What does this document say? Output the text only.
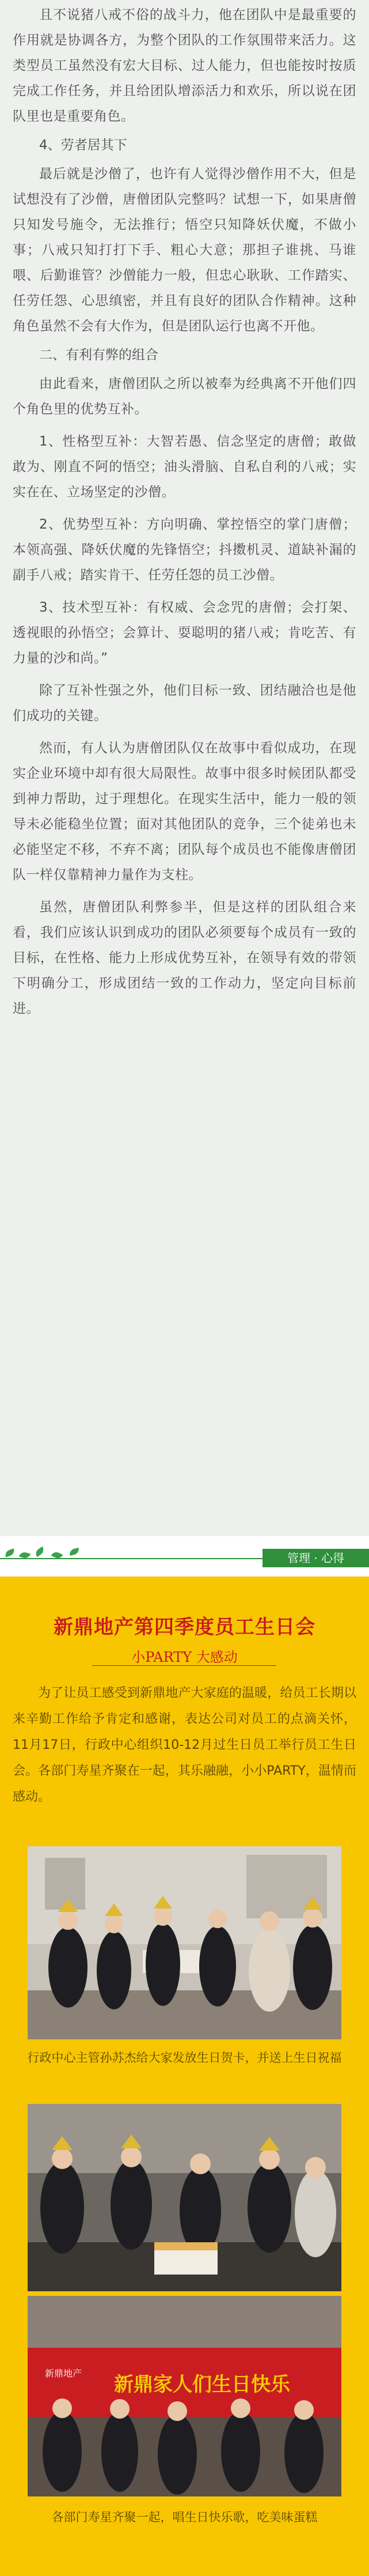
且不说猪八戒不俗的战斗力，他在团队中是最重要的作用就是协调各方，为整个团队的工作氛围带来活力。这类型员工虽然没有宏大目标、过人能力，但也能按时按质完成工作任务，并且给团队增添活力和欢乐，所以说在团队里也是重要角色。

4、劳者居其下

最后就是沙僧了，也许有人觉得沙僧作用不大，但是试想没有了沙僧，唐僧团队完整吗？试想一下，如果唐僧只知发号施令，无法推行；悟空只知降妖伏魔，不做小事；八戒只知打打下手、粗心大意；那担子谁挑、马谁喂、后勤谁管？沙僧能力一般，但忠心耿耿、工作踏实、任劳任怨、心思缜密，并且有良好的团队合作精神。这种角色虽然不会有大作为，但是团队运行也离不开他。

二、有利有弊的组合

由此看来，唐僧团队之所以被奉为经典离不开他们四个角色里的优势互补。

1、性格型互补：大智若愚、信念坚定的唐僧；敢做敢为、刚直不阿的悟空；油头滑脑、自私自利的八戒；实实在在、立场坚定的沙僧。

2、优势型互补：方向明确、掌控悟空的掌门唐僧；本领高强、降妖伏魔的先锋悟空；抖擞机灵、道缺补漏的副手八戒；踏实肯干、任劳任怨的员工沙僧。

3、技术型互补：有权威、会念咒的唐僧；会打架、透视眼的孙悟空；会算计、耍聪明的猪八戒；肯吃苦、有力量的沙和尚。”

除了互补性强之外，他们目标一致、团结融洽也是他们成功的关键。

然而，有人认为唐僧团队仅在故事中看似成功，在现实企业环境中却有很大局限性。故事中很多时候团队都受到神力帮助，过于理想化。在现实生活中，能力一般的领导未必能稳坐位置；面对其他团队的竞争，三个徒弟也未必能坚定不移，不弃不离；团队每个成员也不能像唐僧团队一样仅靠精神力量作为支柱。

虽然，唐僧团队利弊参半，但是这样的团队组合来看，我们应该认识到成功的团队必须要每个成员有一致的目标，在性格、能力上形成优势互补，在领导有效的带领下明确分工，形成团结一致的工作动力，坚定向目标前进。

管理 · 心得
新鼎地产第四季度员工生日会
小PARTY 大感动
为了让员工感受到新鼎地产大家庭的温暖，给员工长期以来辛勤工作给予肯定和感谢，表达公司对员工的点滴关怀，11月17日，行政中心组织10-12月过生日员工举行员工生日会。各部门寿星齐聚在一起，其乐融融，小小PARTY，温情而感动。
行政中心主管孙苏杰给大家发放生日贺卡，并送上生日祝福
新鼎地产 新鼎家人们生日快乐
各部门寿星齐聚一起，唱生日快乐歌，吃美味蛋糕
